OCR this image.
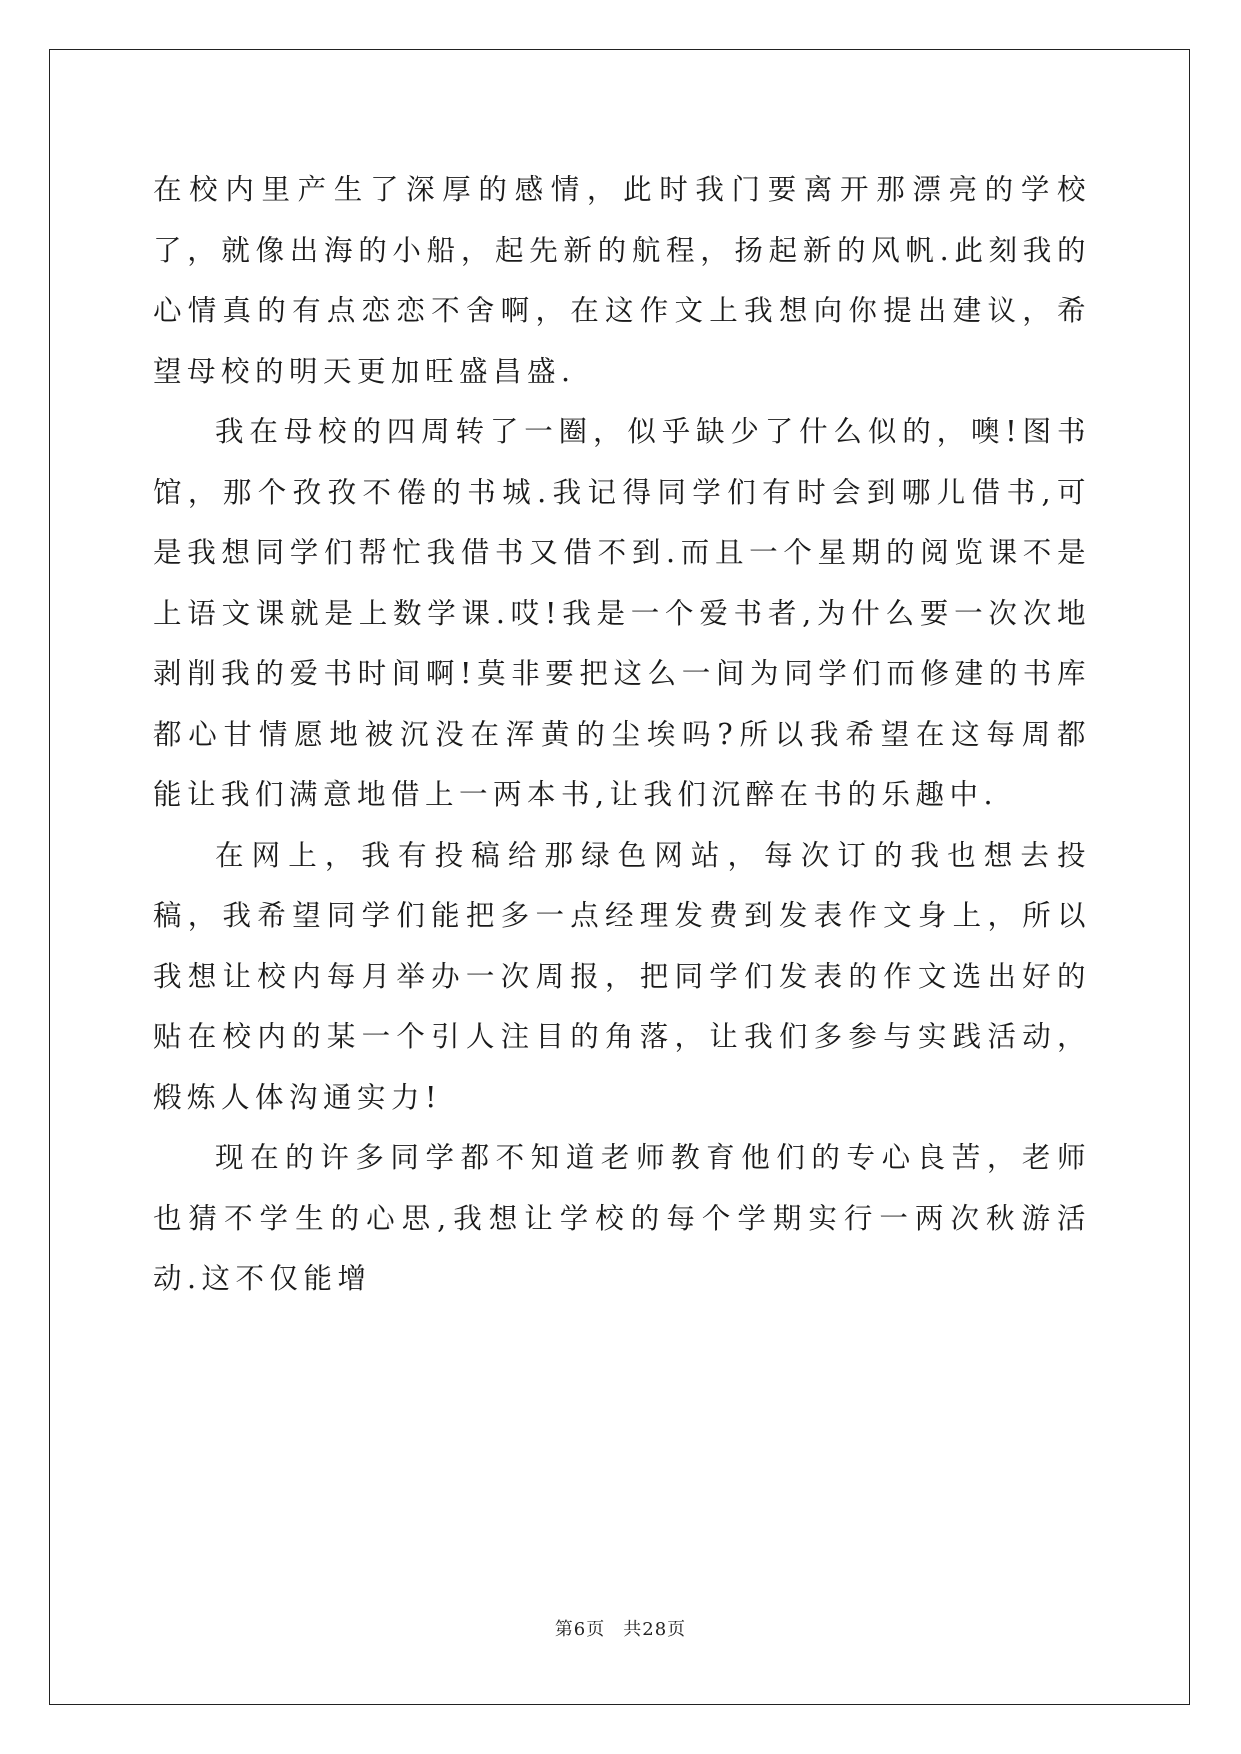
在校内里产生了深厚的感情，此时我门要离开那漂亮的学校了，就像出海的小船，起先新的航程，扬起新的风帆.此刻我的心情真的有点恋恋不舍啊，在这作文上我想向你提出建议，希望母校的明天更加旺盛昌盛.

我在母校的四周转了一圈，似乎缺少了什么似的，噢!图书馆，那个孜孜不倦的书城.我记得同学们有时会到哪儿借书,可是我想同学们帮忙我借书又借不到.而且一个星期的阅览课不是上语文课就是上数学课.哎!我是一个爱书者,为什么要一次次地剥削我的爱书时间啊!莫非要把这么一间为同学们而修建的书库都心甘情愿地被沉没在浑黄的尘埃吗?所以我希望在这每周都能让我们满意地借上一两本书,让我们沉醉在书的乐趣中.

在网上，我有投稿给那绿色网站，每次订的我也想去投稿，我希望同学们能把多一点经理发费到发表作文身上，所以我想让校内每月举办一次周报，把同学们发表的作文选出好的贴在校内的某一个引人注目的角落，让我们多参与实践活动，煅炼人体沟通实力!

现在的许多同学都不知道老师教育他们的专心良苦，老师也猜不学生的心思,我想让学校的每个学期实行一两次秋游活动.这不仅能增

第6页 共28页
